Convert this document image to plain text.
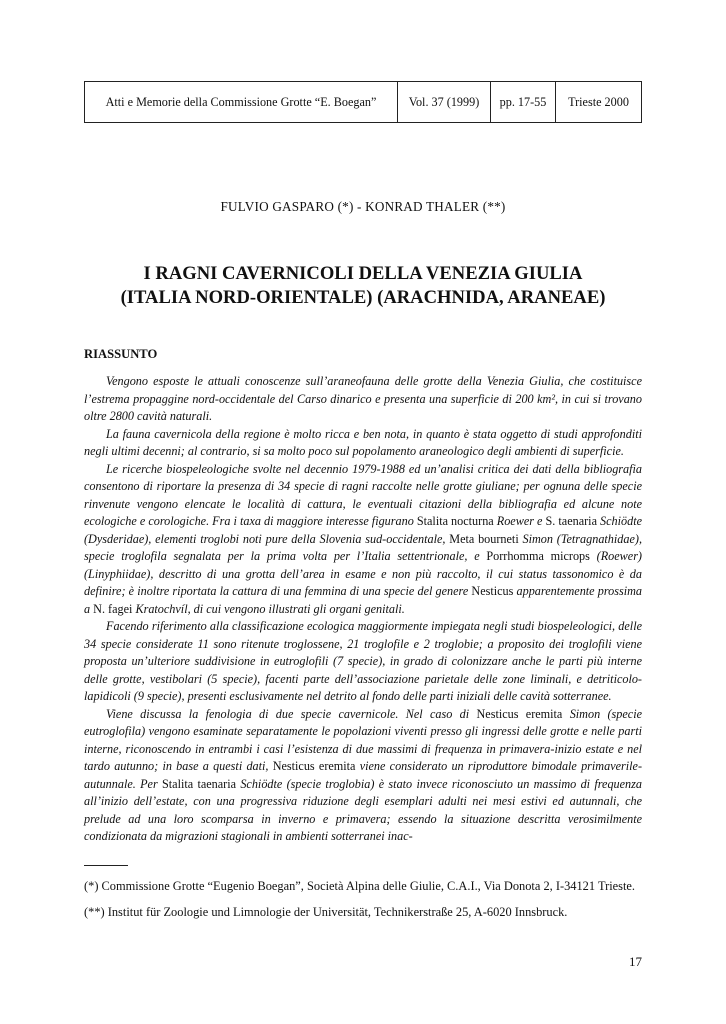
Atti e Memorie della Commissione Grotte “E. Boegan”	Vol. 37 (1999)	pp. 17-55	Trieste 2000
FULVIO GASPARO (*) - KONRAD THALER (**)
I RAGNI CAVERNICOLI DELLA VENEZIA GIULIA
(ITALIA NORD-ORIENTALE) (ARACHNIDA, ARANEAE)
RIASSUNTO

Vengono esposte le attuali conoscenze sull’araneofauna delle grotte della Venezia Giulia, che costituisce l’estrema propaggine nord-occidentale del Carso dinarico e presenta una superficie di 200 km², in cui si trovano oltre 2800 cavità naturali.

La fauna cavernicola della regione è molto ricca e ben nota, in quanto è stata oggetto di studi approfonditi negli ultimi decenni; al contrario, si sa molto poco sul popolamento araneologico degli ambienti di superficie.

Le ricerche biospeleologiche svolte nel decennio 1979-1988 ed un’analisi critica dei dati della bibliografia consentono di riportare la presenza di 34 specie di ragni raccolte nelle grotte giuliane; per ognuna delle specie rinvenute vengono elencate le località di cattura, le eventuali citazioni della bibliografia ed alcune note ecologiche e corologiche. Fra i taxa di maggiore interesse figurano Stalita nocturna Roewer e S. taenaria Schiödte (Dysderidae), elementi troglobi noti pure della Slovenia sud-occidentale, Meta bourneti Simon (Tetragnathidae), specie troglofila segnalata per la prima volta per l’Italia settentrionale, e Porrhomma microps (Roewer) (Linyphiidae), descritto di una grotta dell’area in esame e non più raccolto, il cui status tassonomico è da definire; è inoltre riportata la cattura di una femmina di una specie del genere Nesticus apparentemente prossima a N. fagei Kratochvíl, di cui vengono illustrati gli organi genitali.

Facendo riferimento alla classificazione ecologica maggiormente impiegata negli studi biospeleologici, delle 34 specie considerate 11 sono ritenute troglossene, 21 troglofile e 2 troglobie; a proposito dei troglofili viene proposta un’ulteriore suddivisione in eutroglofili (7 specie), in grado di colonizzare anche le parti più interne delle grotte, vestibolari (5 specie), facenti parte dell’associazione parietale delle zone liminali, e detriticolo-lapidicoli (9 specie), presenti esclusivamente nel detrito al fondo delle parti iniziali delle cavità sotterranee.

Viene discussa la fenologia di due specie cavernicole. Nel caso di Nesticus eremita Simon (specie eutroglofila) vengono esaminate separatamente le popolazioni viventi presso gli ingressi delle grotte e nelle parti interne, riconoscendo in entrambi i casi l’esistenza di due massimi di frequenza in primavera-inizio estate e nel tardo autunno; in base a questi dati, Nesticus eremita viene considerato un riproduttore bimodale primaverile-autunnale. Per Stalita taenaria Schiödte (specie troglobia) è stato invece riconosciuto un massimo di frequenza all’inizio dell’estate, con una progressiva riduzione degli esemplari adulti nei mesi estivi ed autunnali, che prelude ad una loro scomparsa in inverno e primavera; essendo la situazione descritta verosimilmente condizionata da migrazioni stagionali in ambienti sotterranei inac-

(*) Commissione Grotte “Eugenio Boegan”, Società Alpina delle Giulie, C.A.I., Via Donota 2, I-34121 Trieste.

(**) Institut für Zoologie und Limnologie der Universität, Technikerstraße 25, A-6020 Innsbruck.

17
